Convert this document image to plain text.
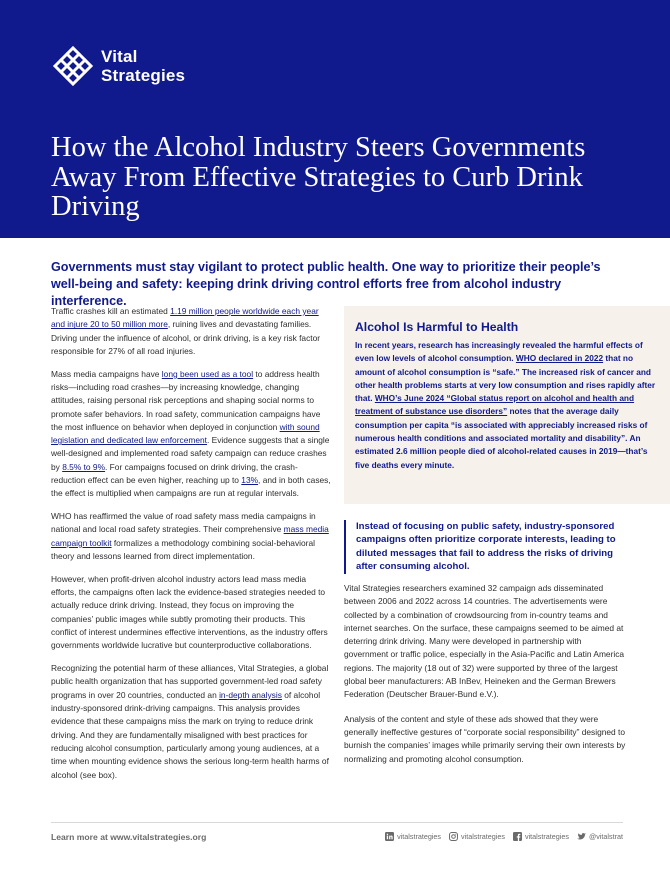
Vital
Strategies
How the Alcohol Industry Steers Governments Away From Effective Strategies to Curb Drink Driving

Governments must stay vigilant to protect public health. One way to prioritize their people’s well-being and safety: keeping drink driving control efforts free from alcohol industry interference.

Traffic crashes kill an estimated 1.19 million people worldwide each year and injure 20 to 50 million more, ruining lives and devastating families. Driving under the influence of alcohol, or drink driving, is a key risk factor responsible for 27% of all road injuries.

Mass media campaigns have long been used as a tool to address health risks—including road crashes—by increasing knowledge, changing attitudes, raising personal risk perceptions and shaping social norms to promote safer behaviors. In road safety, communication campaigns have the most influence on behavior when deployed in conjunction with sound legislation and dedicated law enforcement. Evidence suggests that a single well-designed and implemented road safety campaign can reduce crashes by 8.5% to 9%. For campaigns focused on drink driving, the crash-reduction effect can be even higher, reaching up to 13%, and in both cases, the effect is multiplied when campaigns are run at regular intervals.

WHO has reaffirmed the value of road safety mass media campaigns in national and local road safety strategies. Their comprehensive mass media campaign toolkit formalizes a methodology combining social-behavioral theory and lessons learned from direct implementation.

However, when profit-driven alcohol industry actors lead mass media efforts, the campaigns often lack the evidence-based strategies needed to actually reduce drink driving. Instead, they focus on improving the companies’ public images while subtly promoting their products. This conflict of interest undermines effective interventions, as the industry offers governments worldwide lucrative but counterproductive collaborations.

Recognizing the potential harm of these alliances, Vital Strategies, a global public health organization that has supported government-led road safety programs in over 20 countries, conducted an in-depth analysis of alcohol industry-sponsored drink-driving campaigns. This analysis provides evidence that these campaigns miss the mark on trying to reduce drink driving. And they are fundamentally misaligned with best practices for reducing alcohol consumption, particularly among young audiences, at a time when mounting evidence shows the serious long-term health harms of alcohol (see box).

Alcohol Is Harmful to Health

In recent years, research has increasingly revealed the harmful effects of even low levels of alcohol consumption. WHO declared in 2022 that no amount of alcohol consumption is “safe.” The increased risk of cancer and other health problems starts at very low consumption and rises rapidly after that. WHO’s June 2024 “Global status report on alcohol and health and treatment of substance use disorders” notes that the average daily consumption per capita “is associated with appreciably increased risks of numerous health conditions and associated mortality and disability”. An estimated 2.6 million people died of alcohol-related causes in 2019—that’s five deaths every minute.

Instead of focusing on public safety, industry-sponsored campaigns often prioritize corporate interests, leading to diluted messages that fail to address the risks of driving after consuming alcohol.

Vital Strategies researchers examined 32 campaign ads disseminated between 2006 and 2022 across 14 countries. The advertisements were collected by a combination of crowdsourcing from in-country teams and internet searches. On the surface, these campaigns seemed to be aimed at deterring drink driving. Many were developed in partnership with government or traffic police, especially in the Asia-Pacific and Latin America regions. The majority (18 out of 32) were supported by three of the largest global beer manufacturers: AB InBev, Heineken and the German Brewers Federation (Deutscher Brauer-Bund e.V.).

Analysis of the content and style of these ads showed that they were generally ineffective gestures of “corporate social responsibility” designed to burnish the companies’ images while primarily serving their own interests by normalizing and promoting alcohol consumption.

Learn more at www.vitalstrategies.org	vitalstrategies	vitalstrategies	vitalstrategies	@vitalstrat
